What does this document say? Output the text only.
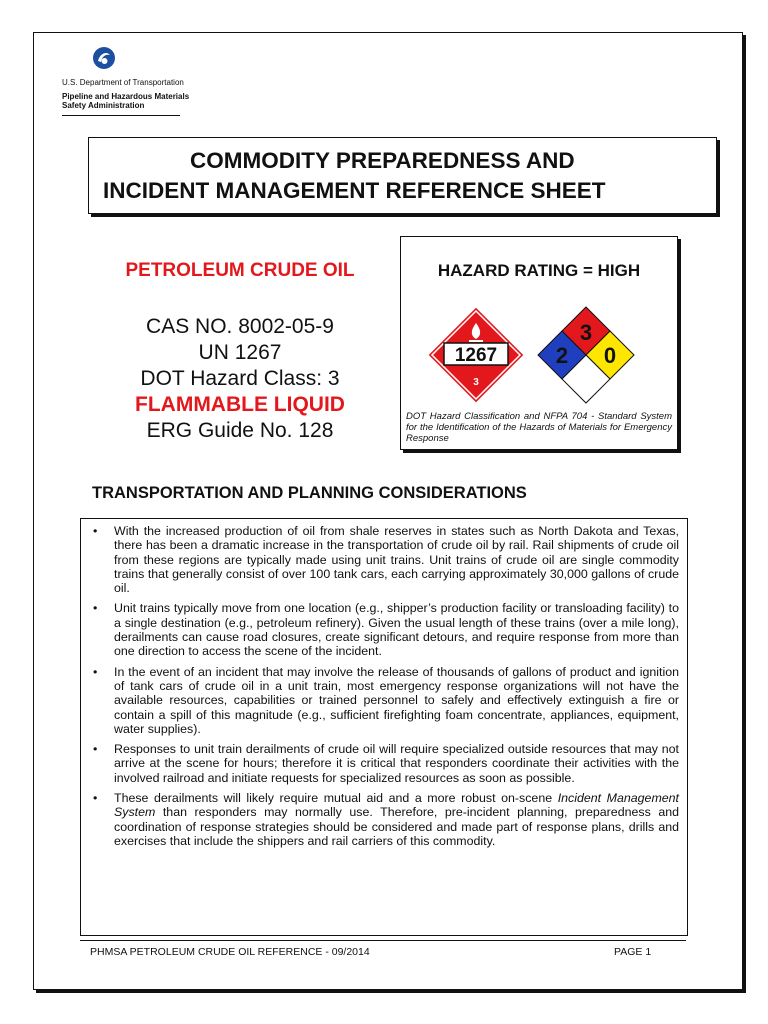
U.S. Department of Transportation
Pipeline and Hazardous Materials
Safety Administration
COMMODITY PREPAREDNESS AND
INCIDENT MANAGEMENT REFERENCE SHEET
PETROLEUM CRUDE OIL
CAS NO. 8002-05-9
UN 1267
DOT Hazard Class: 3
FLAMMABLE LIQUID
ERG Guide No. 128
HAZARD RATING = HIGH
1267
3
3
2 0
DOT Hazard Classification and NFPA 704 - Standard System for the Identification of the Hazards of Materials for Emergency Response
TRANSPORTATION AND PLANNING CONSIDERATIONS
• With the increased production of oil from shale reserves in states such as North Dakota and Texas, there has been a dramatic increase in the transportation of crude oil by rail. Rail shipments of crude oil from these regions are typically made using unit trains. Unit trains of crude oil are single commodity trains that generally consist of over 100 tank cars, each carrying approximately 30,000 gallons of crude oil.
• Unit trains typically move from one location (e.g., shipper’s production facility or transloading facility) to a single destination (e.g., petroleum refinery). Given the usual length of these trains (over a mile long), derailments can cause road closures, create significant detours, and require response from more than one direction to access the scene of the incident.
• In the event of an incident that may involve the release of thousands of gallons of product and ignition of tank cars of crude oil in a unit train, most emergency response organizations will not have the available resources, capabilities or trained personnel to safely and effectively extinguish a fire or contain a spill of this magnitude (e.g., sufficient firefighting foam concentrate, appliances, equipment, water supplies).
• Responses to unit train derailments of crude oil will require specialized outside resources that may not arrive at the scene for hours; therefore it is critical that responders coordinate their activities with the involved railroad and initiate requests for specialized resources as soon as possible.
• These derailments will likely require mutual aid and a more robust on-scene Incident Management System than responders may normally use. Therefore, pre-incident planning, preparedness and coordination of response strategies should be considered and made part of response plans, drills and exercises that include the shippers and rail carriers of this commodity.
PHMSA PETROLEUM CRUDE OIL REFERENCE - 09/2014	PAGE 1
